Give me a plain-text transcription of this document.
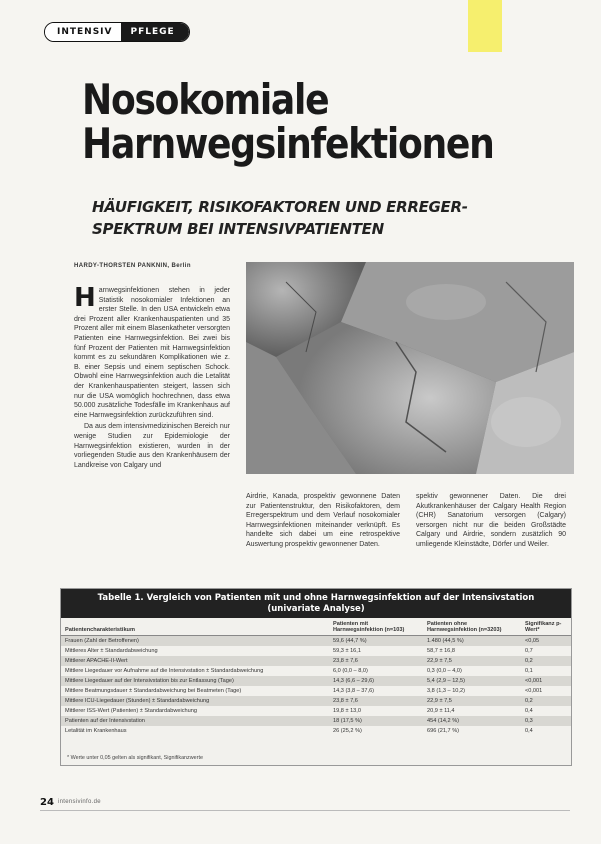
INTENSIV	PFLEGE
Nosokomiale
Harnwegsinfektionen
HÄUFIGKEIT, RISIKOFAKTOREN UND ERREGER-SPEKTRUM BEI INTENSIVPATIENTEN
HARDY-THORSTEN PANKNIN, Berlin

Harnwegsinfektionen stehen in jeder Statistik nosokomialer Infektionen an erster Stelle. In den USA entwickeln etwa drei Prozent aller Krankenhauspatienten und 35 Prozent aller mit einem Blasenkatheter versorgten Patienten eine Harnwegsinfektion. Bei zwei bis fünf Prozent der Patienten mit Harnwegsinfektion kommt es zu sekundären Komplikationen wie z. B. einer Sepsis und einem septischen Schock. Obwohl eine Harnwegsinfektion auch die Letalität der Krankenhauspatienten steigert, lassen sich nur die USA womöglich hochrechnen, dass etwa 50.000 zusätzliche Todesfälle im Krankenhaus auf eine Harnwegsinfektion zurückzuführen sind.

Da aus dem intensivmedizinischen Bereich nur wenige Studien zur Epidemiologie der Harnwegsinfektion existieren, wurden in der vorliegenden Studie aus den Krankenhäusern der Landkreise von Calgary und

Airdrie, Kanada, prospektiv gewonnene Daten zur Patientenstruktur, den Risikofaktoren, dem Erregerspektrum und dem Verlauf nosokomialer Harnwegsinfektionen miteinander verknüpft. Es handelte sich dabei um eine retrospektive Auswertung prospektiv gewonnener Daten.

spektiv gewonnener Daten. Die drei Akutkrankenhäuser der Calgary Health Region (CHR) Sanatorium versorgen (Calgary) versorgen nicht nur die beiden Großstädte Calgary und Airdrie, sondern zusätzlich 90 umliegende Kleinstädte, Dörfer und Weiler.

Tabelle 1. Vergleich von Patienten mit und ohne Harnwegsinfektion auf der Intensivstation
(univariate Analyse)
Patientencharakteristikum	Patienten mit Harnwegsinfektion (n=103)	Patienten ohne Harnwegsinfektion (n=3203)	Signifikanz p-Wert*
Frauen (Zahl der Betroffenen)	59,6 (44,7 %)	1.480 (44,5 %)	<0,05
Mittleres Alter ± Standardabweichung	59,3 ± 16,1	58,7 ± 16,8	0,7
Mittlerer APACHE-II-Wert	23,8 ± 7,6	22,9 ± 7,5	0,2
Mittlere Liegedauer vor Aufnahme auf die Intensivstation ± Standardabweichung	6,0 (0,0 – 8,0)	0,3 (0,0 – 4,0)	0,1
Mittlere Liegedauer auf der Intensivstation bis zur Entlassung (Tage)	14,3 (6,6 – 29,6)	5,4 (2,9 – 12,5)	<0,001
Mittlere Beatmungsdauer ± Standardabweichung bei Beatmeten (Tage)	14,3 (3,8 – 37,6)	3,8 (1,3 – 10,2)	<0,001
Mittlere ICU-Liegedauer (Stunden) ± Standardabweichung	23,8 ± 7,6	22,9 ± 7,5	0,2
Mittlerer ISS-Wert (Patienten) ± Standardabweichung	19,8 ± 13,0	20,9 ± 11,4	0,4
Patienten auf der Intensivstation	18 (17,5 %)	454 (14,2 %)	0,3
Letalität im Krankenhaus	26 (25,2 %)	696 (21,7 %)	0,4
* Werte unter 0,05 gelten als signifikant, Signifikanzwerte
24 intensivinfo.de
